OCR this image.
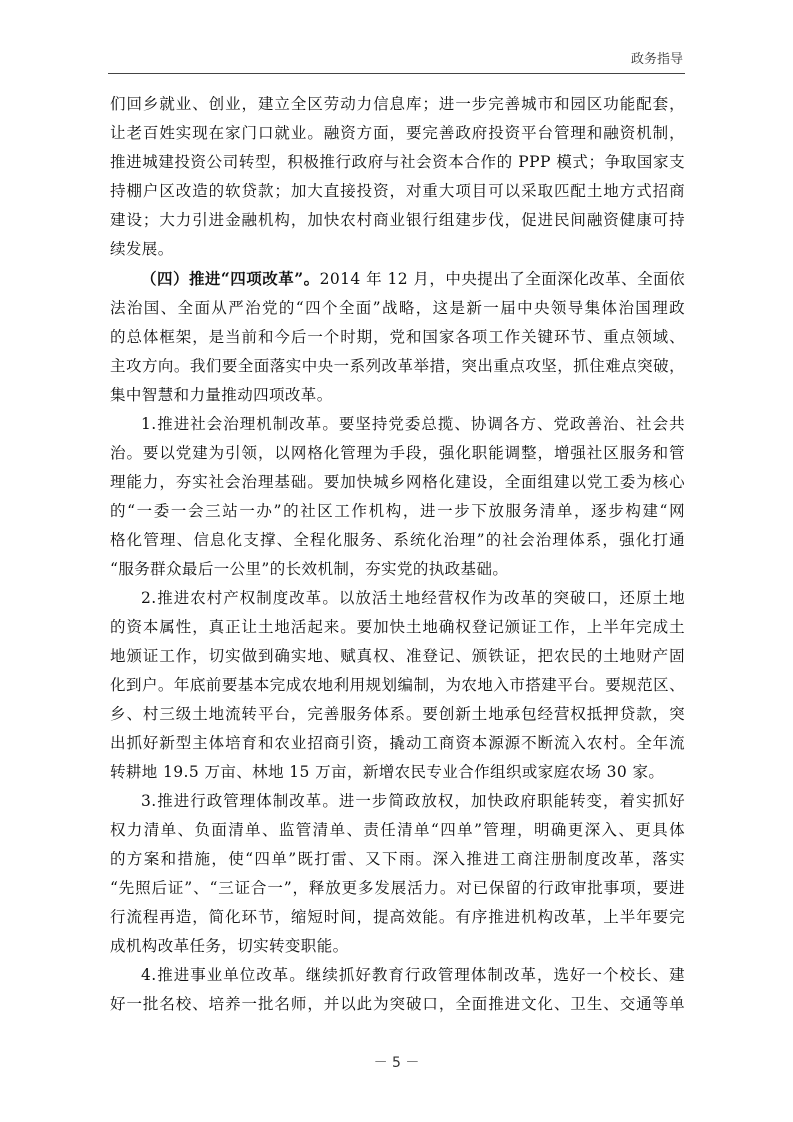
政务指导

们回乡就业、创业，建立全区劳动力信息库；进一步完善城市和园区功能配套，
让老百姓实现在家门口就业。融资方面，要完善政府投资平台管理和融资机制，
推进城建投资公司转型，积极推行政府与社会资本合作的 PPP 模式；争取国家支
持棚户区改造的软贷款；加大直接投资，对重大项目可以采取匹配土地方式招商
建设；大力引进金融机构，加快农村商业银行组建步伐，促进民间融资健康可持
续发展。

（四）推进“四项改革”。2014 年 12 月，中央提出了全面深化改革、全面依
法治国、全面从严治党的“四个全面”战略，这是新一届中央领导集体治国理政
的总体框架，是当前和今后一个时期，党和国家各项工作关键环节、重点领域、
主攻方向。我们要全面落实中央一系列改革举措，突出重点攻坚，抓住难点突破，
集中智慧和力量推动四项改革。

1.推进社会治理机制改革。要坚持党委总揽、协调各方、党政善治、社会共
治。要以党建为引领，以网格化管理为手段，强化职能调整，增强社区服务和管
理能力，夯实社会治理基础。要加快城乡网格化建设，全面组建以党工委为核心
的“一委一会三站一办”的社区工作机构，进一步下放服务清单，逐步构建“网
格化管理、信息化支撑、全程化服务、系统化治理”的社会治理体系，强化打通
“服务群众最后一公里”的长效机制，夯实党的执政基础。

2.推进农村产权制度改革。以放活土地经营权作为改革的突破口，还原土地
的资本属性，真正让土地活起来。要加快土地确权登记颁证工作，上半年完成土
地颁证工作，切实做到确实地、赋真权、准登记、颁铁证，把农民的土地财产固
化到户。年底前要基本完成农地利用规划编制，为农地入市搭建平台。要规范区、
乡、村三级土地流转平台，完善服务体系。要创新土地承包经营权抵押贷款，突
出抓好新型主体培育和农业招商引资，撬动工商资本源源不断流入农村。全年流
转耕地 19.5 万亩、林地 15 万亩，新增农民专业合作组织或家庭农场 30 家。

3.推进行政管理体制改革。进一步简政放权，加快政府职能转变，着实抓好
权力清单、负面清单、监管清单、责任清单“四单”管理，明确更深入、更具体
的方案和措施，使“四单”既打雷、又下雨。深入推进工商注册制度改革，落实
“先照后证”、“三证合一”，释放更多发展活力。对已保留的行政审批事项，要进
行流程再造，简化环节，缩短时间，提高效能。有序推进机构改革，上半年要完
成机构改革任务，切实转变职能。

4.推进事业单位改革。继续抓好教育行政管理体制改革，选好一个校长、建
好一批名校、培养一批名师，并以此为突破口，全面推进文化、卫生、交通等单

－ 5 －
